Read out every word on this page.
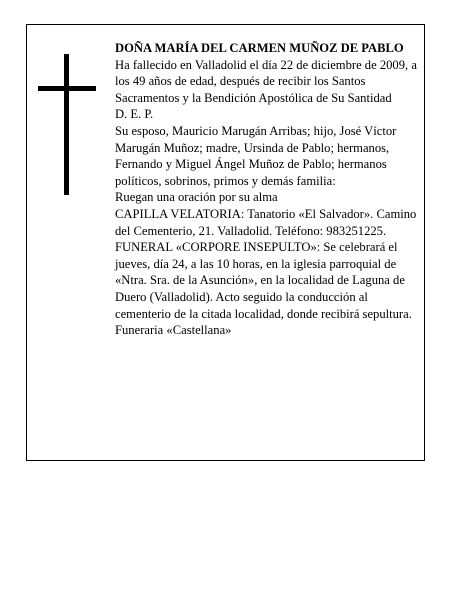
DOÑA MARÍA DEL CARMEN MUÑOZ DE PABLO

Ha fallecido en Valladolid el día 22 de diciembre de 2009, a los 49 años de edad, después de recibir los Santos Sacramentos y la Bendición Apostólica de Su Santidad

D. E. P.

Su esposo, Mauricio Marugán Arribas; hijo, José Víctor Marugán Muñoz; madre, Ursinda de Pablo; hermanos, Fernando y Miguel Ángel Muñoz de Pablo; hermanos políticos, sobrinos, primos y demás familia:

Ruegan una oración por su alma

CAPILLA VELATORIA: Tanatorio «El Salvador». Camino del Cementerio, 21. Valladolid. Teléfono: 983251225.

FUNERAL «CORPORE INSEPULTO»: Se celebrará el jueves, día 24, a las 10 horas, en la iglesia parroquial de «Ntra. Sra. de la Asunción», en la localidad de Laguna de Duero (Valladolid). Acto seguido la conducción al cementerio de la citada localidad, donde recibirá sepultura.

Funeraria «Castellana»
